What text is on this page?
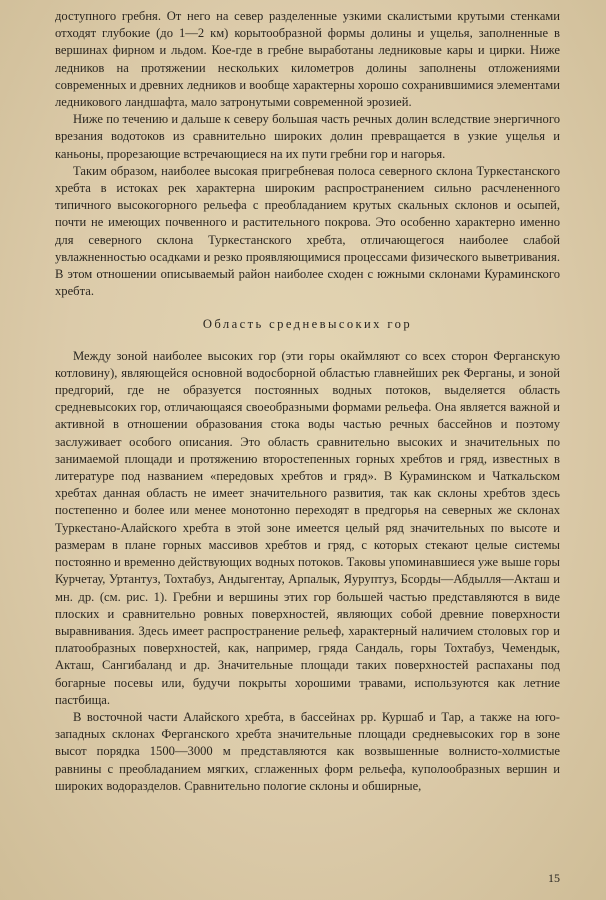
доступного гребня. От него на север разделенные узкими скалистыми крутыми стенками отходят глубокие (до 1—2 км) корытообразной формы долины и ущелья, заполненные в вершинах фирном и льдом. Кое-где в гребне выработаны ледниковые кары и цирки. Ниже ледников на протяжении нескольких километров долины заполнены отложениями современных и древних ледников и вообще характерны хорошо сохранившимися элементами ледникового ландшафта, мало затронутыми современной эрозией.

Ниже по течению и дальше к северу большая часть речных долин вследствие энергичного врезания водотоков из сравнительно широких долин превращается в узкие ущелья и каньоны, прорезающие встречающиеся на их пути гребни гор и нагорья.

Таким образом, наиболее высокая пригребневая полоса северного склона Туркестанского хребта в истоках рек характерна широким распространением сильно расчлененного типичного высокогорного рельефа с преобладанием крутых скальных склонов и осыпей, почти не имеющих почвенного и растительного покрова. Это особенно характерно именно для северного склона Туркестанского хребта, отличающегося наиболее слабой увлажненностью осадками и резко проявляющимися процессами физического выветривания. В этом отношении описываемый район наиболее сходен с южными склонами Кураминского хребта.

Область средневысоких гор

Между зоной наиболее высоких гор (эти горы окаймляют со всех сторон Ферганскую котловину), являющейся основной водосборной областью главнейших рек Ферганы, и зоной предгорий, где не образуется постоянных водных потоков, выделяется область средневысоких гор, отличающаяся своеобразными формами рельефа. Она является важной и активной в отношении образования стока воды частью речных бассейнов и поэтому заслуживает особого описания. Это область сравнительно высоких и значительных по занимаемой площади и протяжению второстепенных горных хребтов и гряд, известных в литературе под названием «передовых хребтов и гряд». В Кураминском и Чаткальском хребтах данная область не имеет значительного развития, так как склоны хребтов здесь постепенно и более или менее монотонно переходят в предгорья на северных же склонах Туркестано-Алайского хребта в этой зоне имеется целый ряд значительных по высоте и размерам в плане горных массивов хребтов и гряд, с которых стекают целые системы постоянно и временно действующих водных потоков. Таковы упоминавшиеся уже выше горы Курчетау, Уртантуз, Тохтабуз, Андыгентау, Арпалык, Яуруптуз, Бсорды—Абдылля—Акташ и мн. др. (см. рис. 1). Гребни и вершины этих гор большей частью представляются в виде плоских и сравнительно ровных поверхностей, являющих собой древние поверхности выравнивания. Здесь имеет распространение рельеф, характерный наличием столовых гор и платообразных поверхностей, как, например, гряда Сандаль, горы Тохтабуз, Чемендык, Акташ, Сангибаланд и др. Значительные площади таких поверхностей распаханы под богарные посевы или, будучи покрыты хорошими травами, используются как летние пастбища.

В восточной части Алайского хребта, в бассейнах рр. Куршаб и Тар, а также на юго-западных склонах Ферганского хребта значительные площади средневысоких гор в зоне высот порядка 1500—3000 м представляются как возвышенные волнисто-холмистые равнины с преобладанием мягких, сглаженных форм рельефа, куполообразных вершин и широких водоразделов. Сравнительно пологие склоны и обширные,

15
